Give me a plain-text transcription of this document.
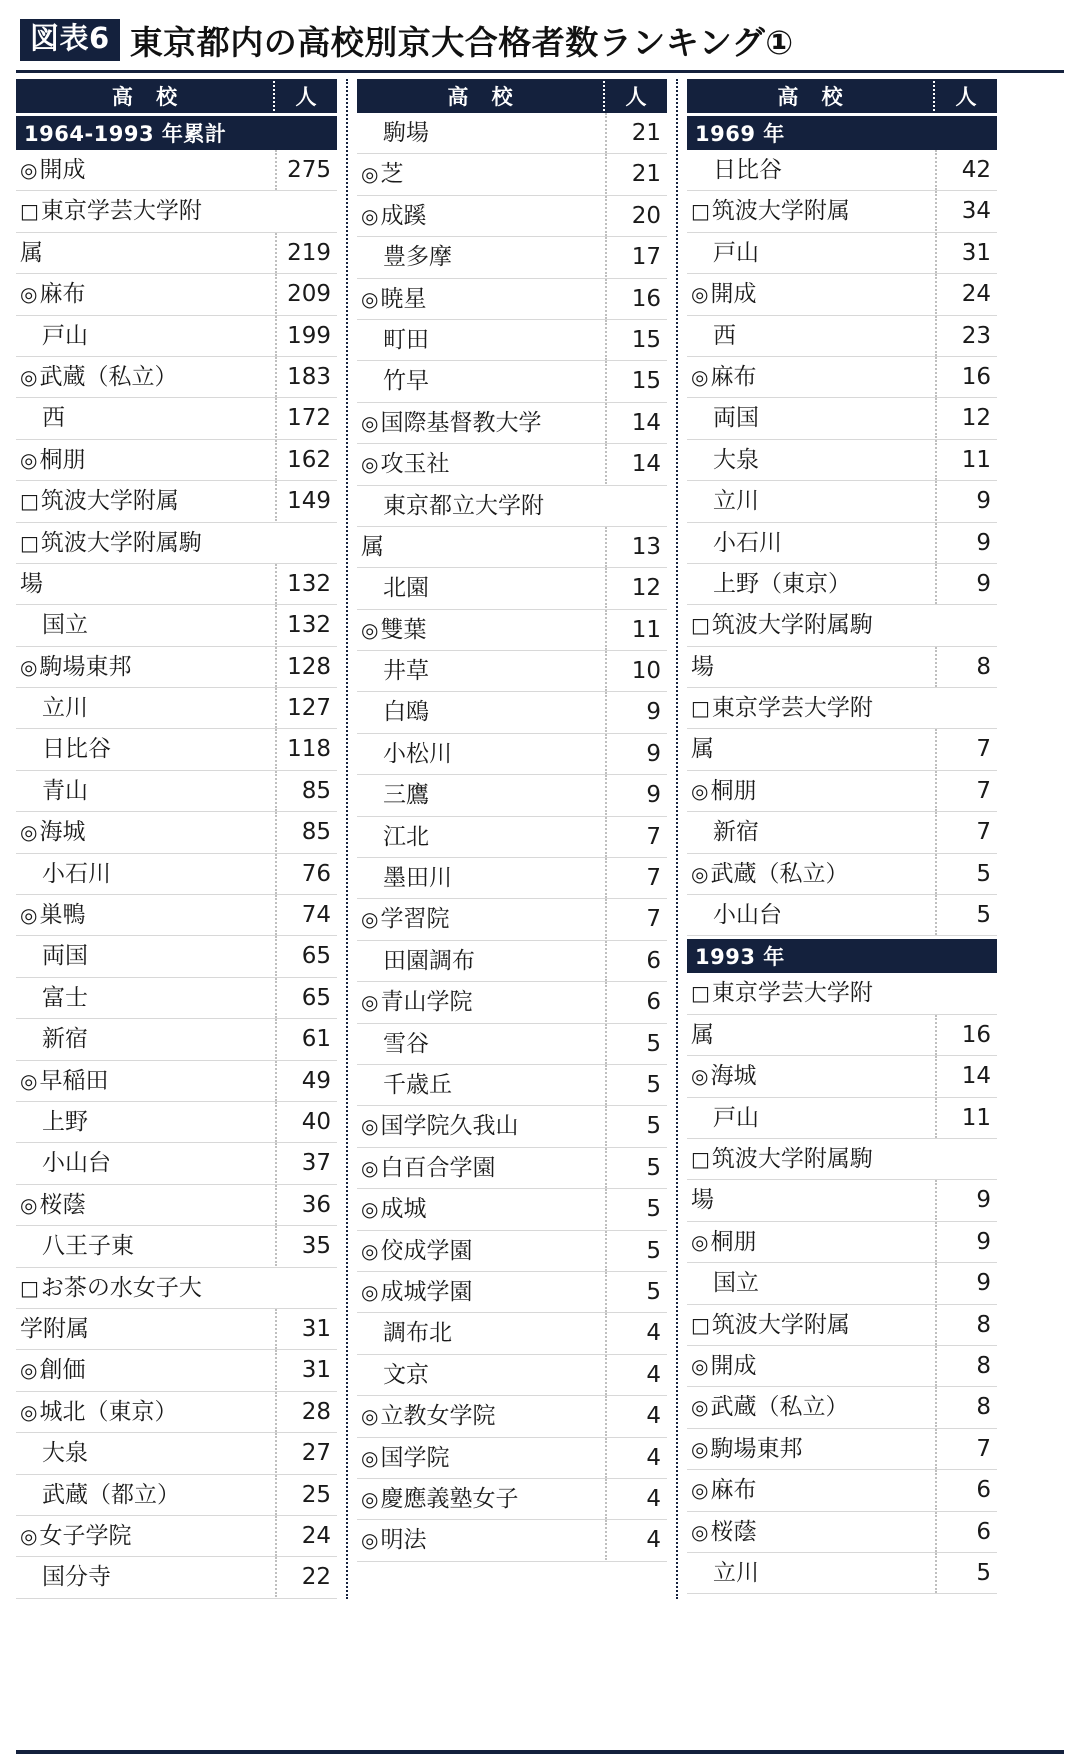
図表6 東京都内の高校別京大合格者数ランキング①
高 校	人
1964-1993 年累計
◎開成	275
□東京学芸大学附
属	219
◎麻布	209
戸山	199
◎武蔵（私立）	183
西	172
◎桐朋	162
□筑波大学附属	149
□筑波大学附属駒
場	132
国立	132
◎駒場東邦	128
立川	127
日比谷	118
青山	85
◎海城	85
小石川	76
◎巣鴨	74
両国	65
富士	65
新宿	61
◎早稲田	49
上野	40
小山台	37
◎桜蔭	36
八王子東	35
□お茶の水女子大
学附属	31
◎創価	31
◎城北（東京）	28
大泉	27
武蔵（都立）	25
◎女子学院	24
国分寺	22
高 校	人
駒場	21
◎芝	21
◎成蹊	20
豊多摩	17
◎暁星	16
町田	15
竹早	15
◎国際基督教大学	14
◎攻玉社	14
東京都立大学附
属	13
北園	12
◎雙葉	11
井草	10
白鴎	9
小松川	9
三鷹	9
江北	7
墨田川	7
◎学習院	7
田園調布	6
◎青山学院	6
雪谷	5
千歳丘	5
◎国学院久我山	5
◎白百合学園	5
◎成城	5
◎佼成学園	5
◎成城学園	5
調布北	4
文京	4
◎立教女学院	4
◎国学院	4
◎慶應義塾女子	4
◎明法	4
高 校	人
1969 年
日比谷	42
□筑波大学附属	34
戸山	31
◎開成	24
西	23
◎麻布	16
両国	12
大泉	11
立川	9
小石川	9
上野（東京）	9
□筑波大学附属駒
場	8
□東京学芸大学附
属	7
◎桐朋	7
新宿	7
◎武蔵（私立）	5
小山台	5
1993 年
□東京学芸大学附
属	16
◎海城	14
戸山	11
□筑波大学附属駒
場	9
◎桐朋	9
国立	9
□筑波大学附属	8
◎開成	8
◎武蔵（私立）	8
◎駒場東邦	7
◎麻布	6
◎桜蔭	6
立川	5
